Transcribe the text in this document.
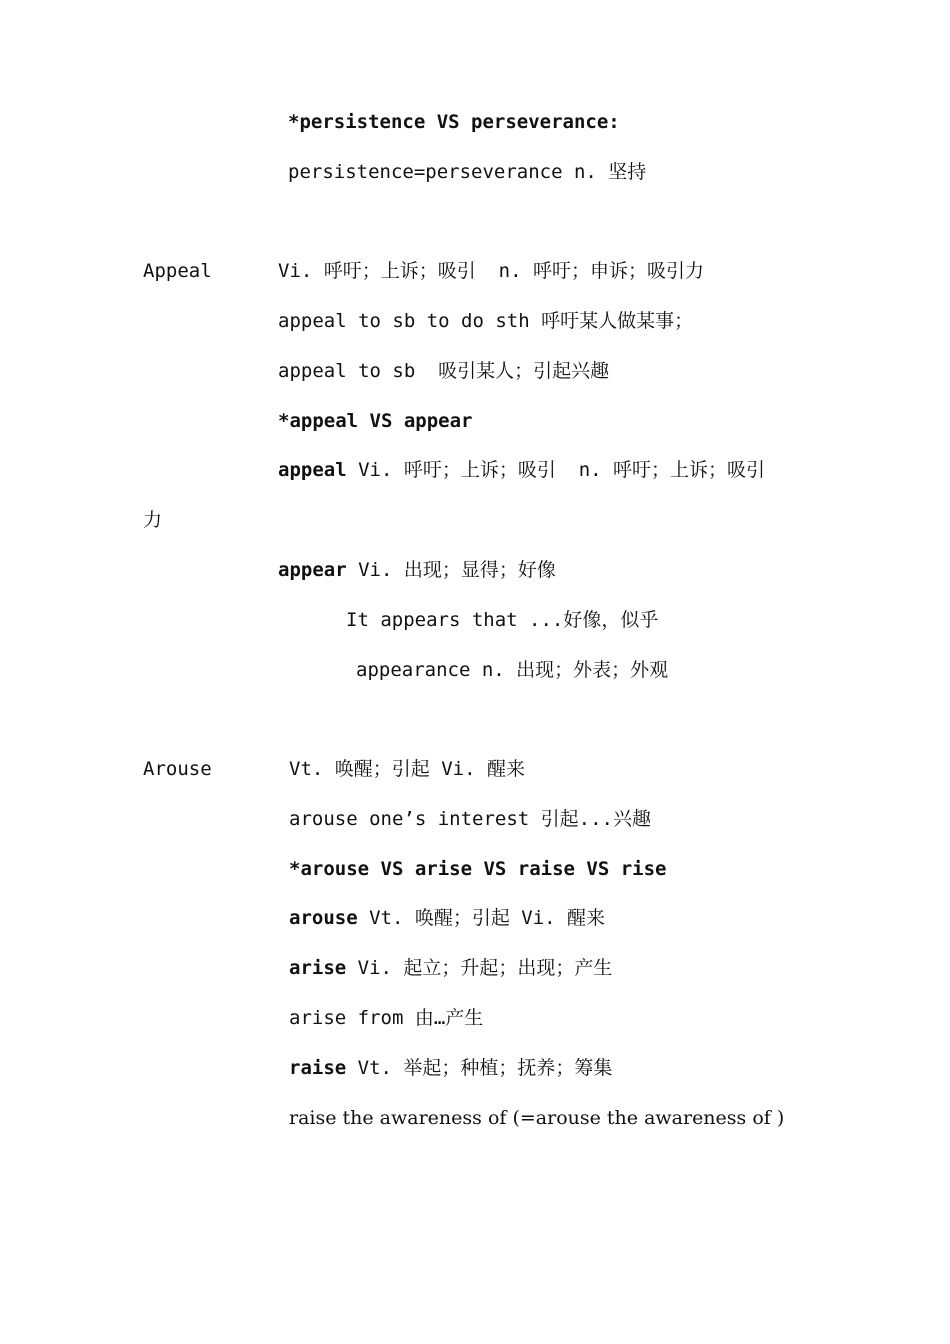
*persistence VS perseverance:
persistence=perseverance n. 坚持
Appeal	Vi. 呼吁；上诉；吸引  n. 呼吁；申诉；吸引力
appeal to sb to do sth 呼吁某人做某事；
appeal to sb  吸引某人；引起兴趣
*appeal VS appear
appeal Vi. 呼吁；上诉；吸引  n. 呼吁；上诉；吸引
力
appear Vi. 出现；显得；好像
It appears that ...好像，似乎
appearance n. 出现；外表；外观
Arouse	Vt. 唤醒；引起 Vi. 醒来
arouse one’s interest 引起...兴趣
*arouse VS arise VS raise VS rise
arouse Vt. 唤醒；引起 Vi. 醒来
arise Vi. 起立；升起；出现；产生
arise from 由…产生
raise Vt. 举起；种植；抚养；筹集
raise the awareness of (=arouse the awareness of )
